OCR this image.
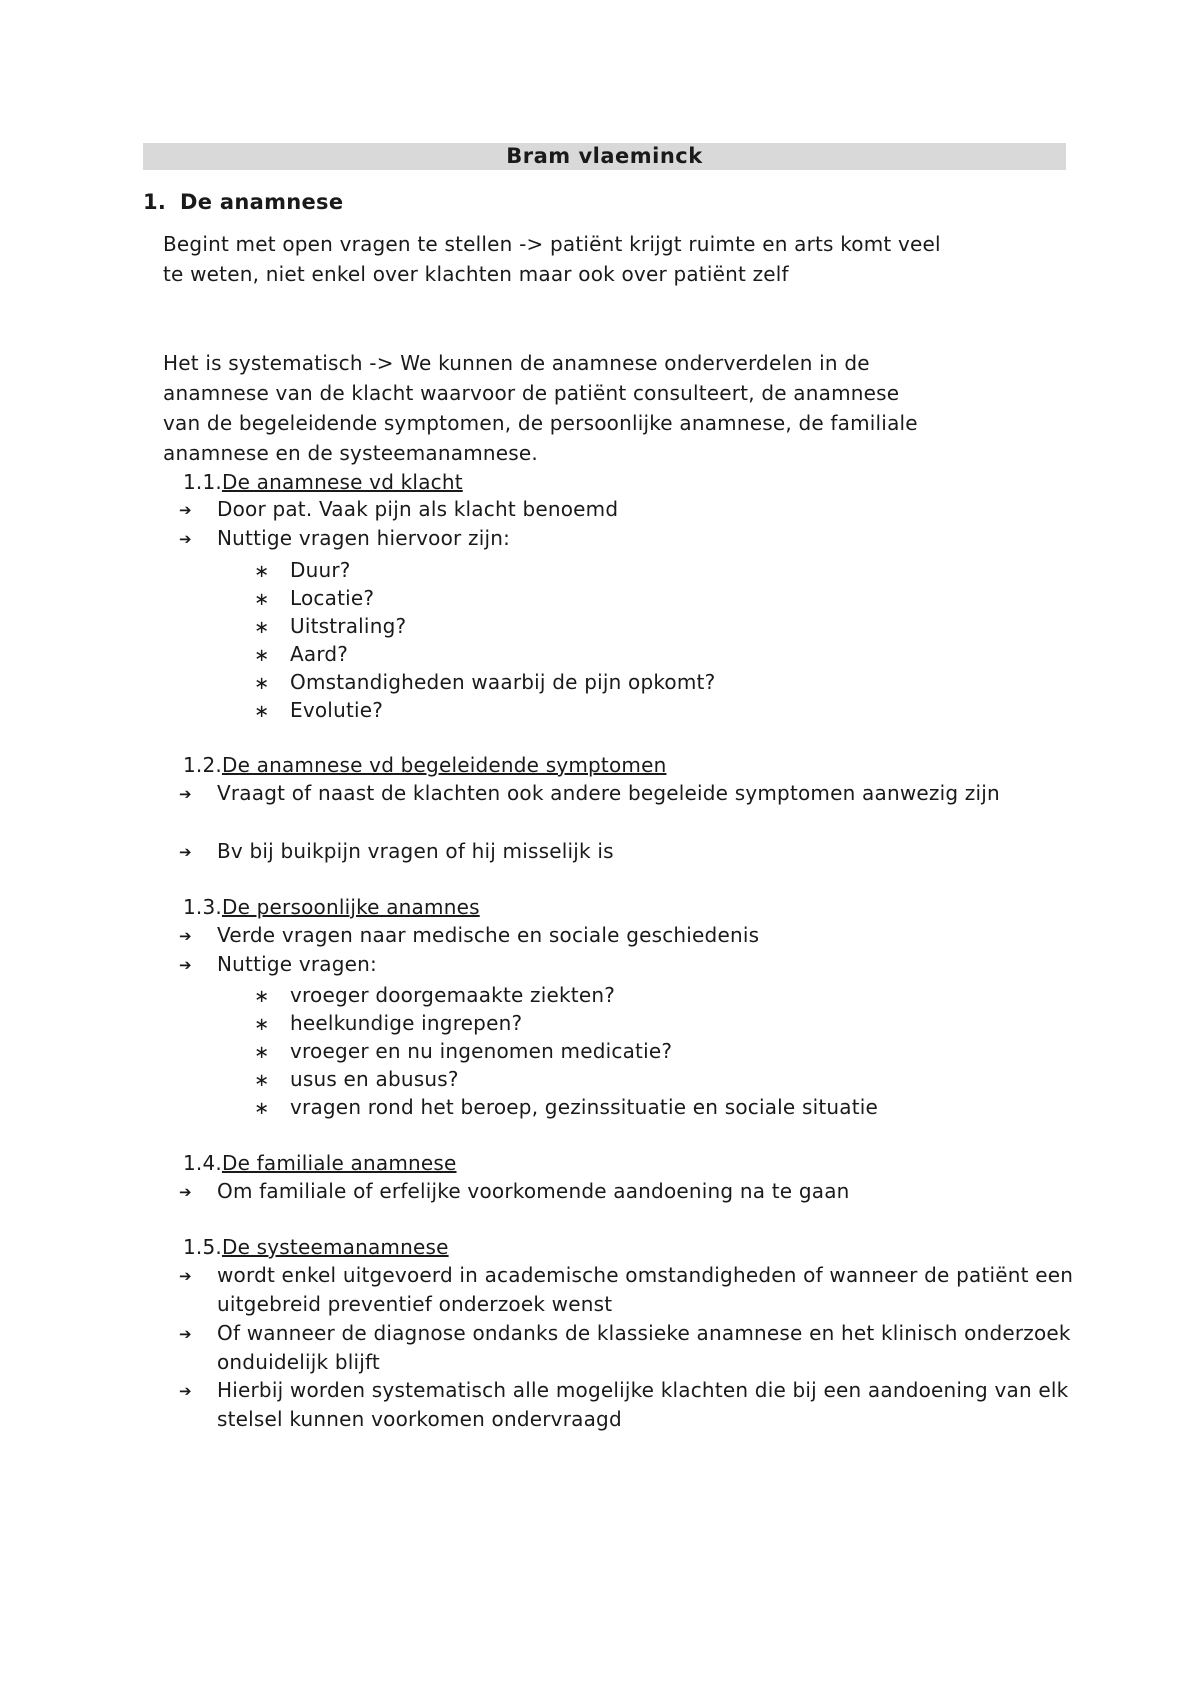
Bram vlaeminck
1. De anamnese
Begint met open vragen te stellen -> patiënt krijgt ruimte en arts komt veel te weten, niet enkel over klachten maar ook over patiënt zelf
Het is systematisch -> We kunnen de anamnese onderverdelen in de anamnese van de klacht waarvoor de patiënt consulteert, de anamnese van de begeleidende symptomen, de persoonlijke anamnese, de familiale anamnese en de systeemanamnese.
1.1.De anamnese vd klacht
➔	Door pat. Vaak pijn als klacht benoemd
➔	Nuttige vragen hiervoor zijn:
∗ Duur?
∗ Locatie?
∗ Uitstraling?
∗ Aard?
∗ Omstandigheden waarbij de pijn opkomt?
∗ Evolutie?
1.2.De anamnese vd begeleidende symptomen
➔	Vraagt of naast de klachten ook andere begeleide symptomen aanwezig zijn
➔	Bv bij buikpijn vragen of hij misselijk is
1.3.De persoonlijke anamnes
➔	Verde vragen naar medische en sociale geschiedenis
➔	Nuttige vragen:
∗ vroeger doorgemaakte ziekten?
∗ heelkundige ingrepen?
∗ vroeger en nu ingenomen medicatie?
∗ usus en abusus?
∗ vragen rond het beroep, gezinssituatie en sociale situatie
1.4.De familiale anamnese
➔	Om familiale of erfelijke voorkomende aandoening na te gaan
1.5.De systeemanamnese
➔	wordt enkel uitgevoerd in academische omstandigheden of wanneer de patiënt een uitgebreid preventief onderzoek wenst
➔	Of wanneer de diagnose ondanks de klassieke anamnese en het klinisch onderzoek onduidelijk blijft
➔	Hierbij worden systematisch alle mogelijke klachten die bij een aandoening van elk stelsel kunnen voorkomen ondervraagd
